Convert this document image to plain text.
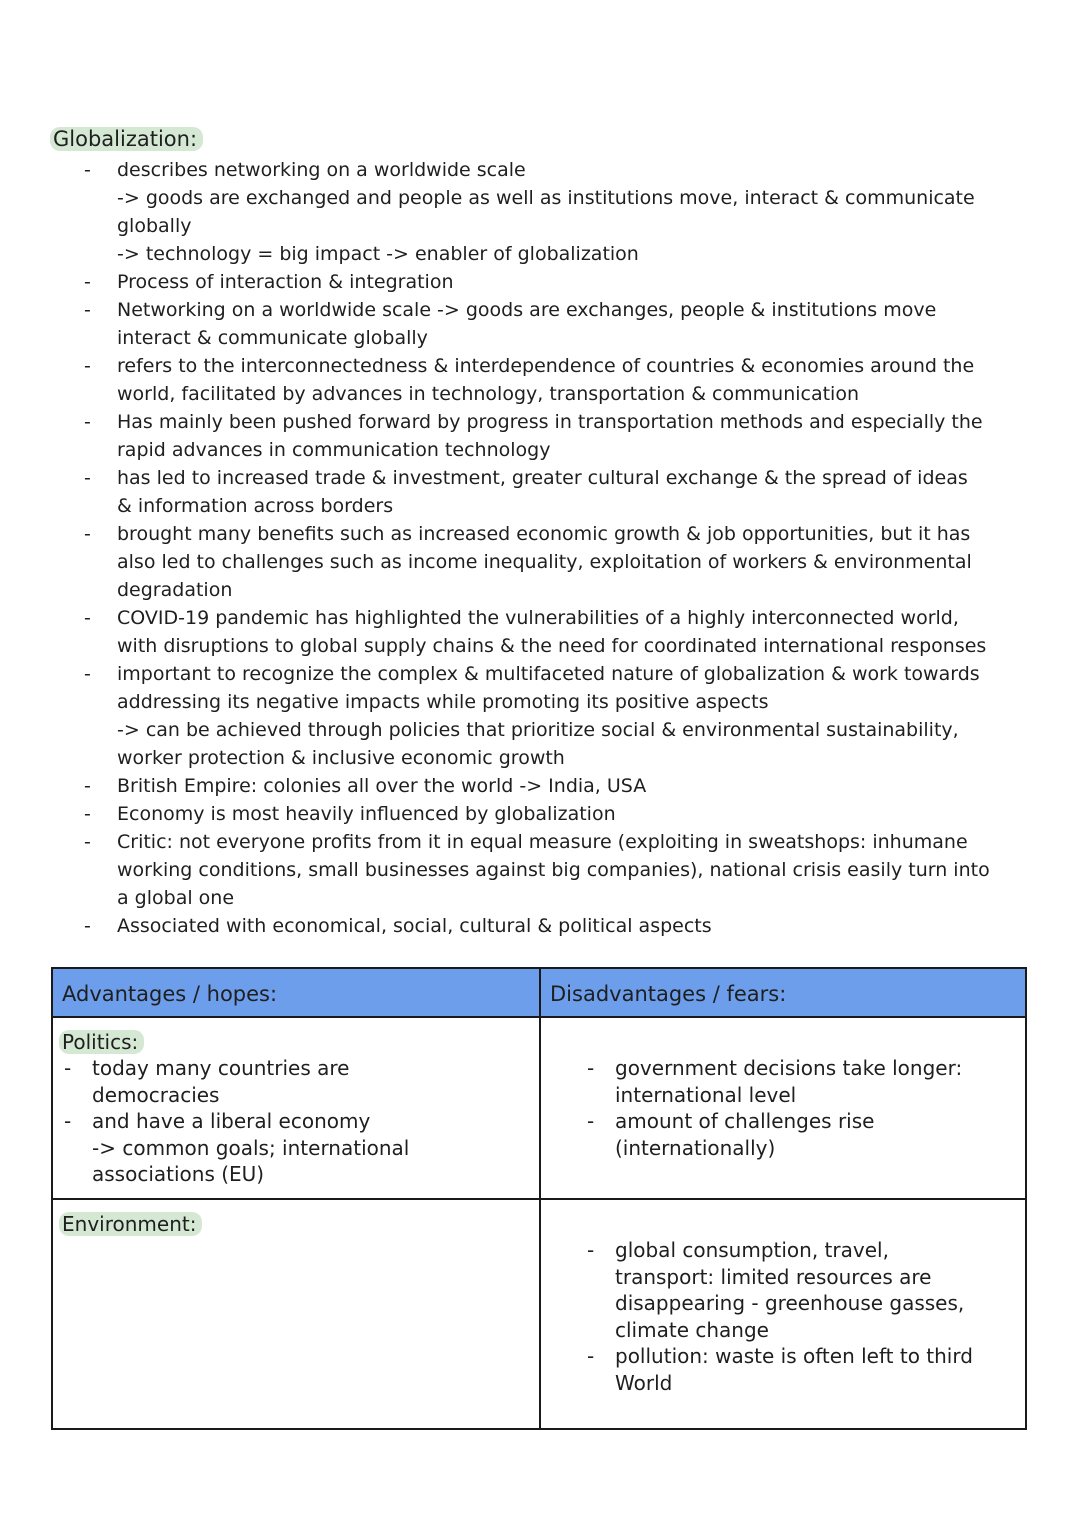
Globalization:
- describes networking on a worldwide scale
-> goods are exchanged and people as well as institutions move, interact & communicate
globally
-> technology = big impact -> enabler of globalization
- Process of interaction & integration
- Networking on a worldwide scale -> goods are exchanges, people & institutions move
interact & communicate globally
- refers to the interconnectedness & interdependence of countries & economies around the
world, facilitated by advances in technology, transportation & communication
- Has mainly been pushed forward by progress in transportation methods and especially the
rapid advances in communication technology
- has led to increased trade & investment, greater cultural exchange & the spread of ideas
& information across borders
- brought many benefits such as increased economic growth & job opportunities, but it has
also led to challenges such as income inequality, exploitation of workers & environmental
degradation
- COVID-19 pandemic has highlighted the vulnerabilities of a highly interconnected world,
with disruptions to global supply chains & the need for coordinated international responses
- important to recognize the complex & multifaceted nature of globalization & work towards
addressing its negative impacts while promoting its positive aspects
-> can be achieved through policies that prioritize social & environmental sustainability,
worker protection & inclusive economic growth
- British Empire: colonies all over the world -> India, USA
- Economy is most heavily influenced by globalization
- Critic: not everyone profits from it in equal measure (exploiting in sweatshops: inhumane
working conditions, small businesses against big companies), national crisis easily turn into
a global one
- Associated with economical, social, cultural & political aspects
Advantages / hopes:	Disadvantages / fears:
Politics:
- today many countries are
democracies
- and have a liberal economy
-> common goals; international
associations (EU)
- government decisions take longer:
international level
- amount of challenges rise
(internationally)
Environment:
- global consumption, travel,
transport: limited resources are
disappearing - greenhouse gasses,
climate change
- pollution: waste is often left to third
World
